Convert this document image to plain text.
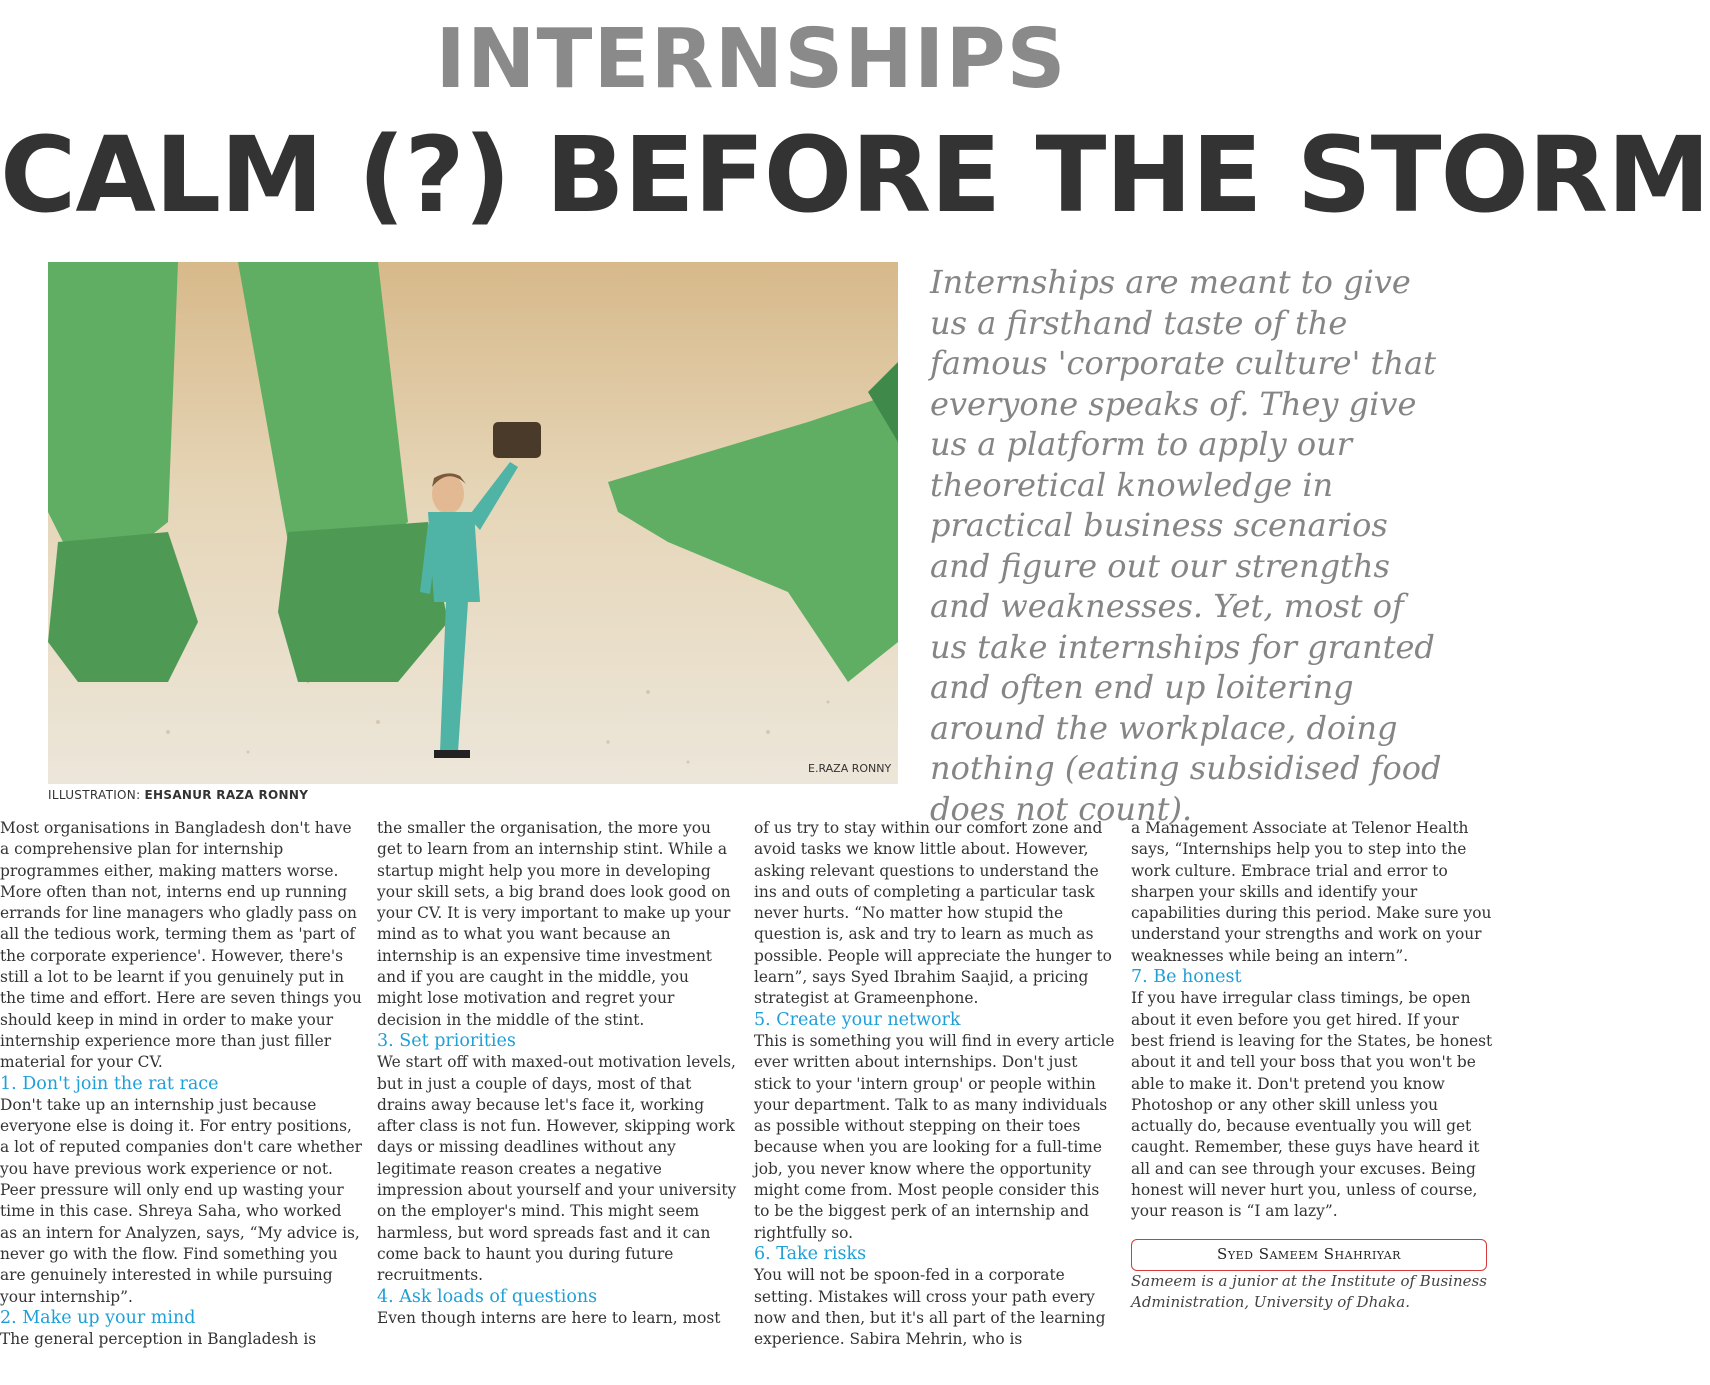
INTERNSHIPS
CALM (?) BEFORE THE STORM
E.RAZA RONNY
ILLUSTRATION: EHSANUR RAZA RONNY
Internships are meant to give us a firsthand taste of the famous 'corporate culture' that everyone speaks of. They give us a platform to apply our theoretical knowledge in practical business scenarios and figure out our strengths and weaknesses. Yet, most of us take internships for granted and often end up loitering around the workplace, doing nothing (eating subsidised food does not count).

Most organisations in Bangladesh don't have a comprehensive plan for internship programmes either, making matters worse. More often than not, interns end up running errands for line managers who gladly pass on all the tedious work, terming them as 'part of the corporate experience'. However, there's still a lot to be learnt if you genuinely put in the time and effort. Here are seven things you should keep in mind in order to make your internship experience more than just filler material for your CV.

1. Don't join the rat race

Don't take up an internship just because everyone else is doing it. For entry positions, a lot of reputed companies don't care whether you have previous work experience or not. Peer pressure will only end up wasting your time in this case. Shreya Saha, who worked as an intern for Analyzen, says, “My advice is, never go with the flow. Find something you are genuinely interested in while pursuing your internship”.

2. Make up your mind

The general perception in Bangladesh is

the smaller the organisation, the more you get to learn from an internship stint. While a startup might help you more in developing your skill sets, a big brand does look good on your CV. It is very important to make up your mind as to what you want because an internship is an expensive time investment and if you are caught in the middle, you might lose motivation and regret your decision in the middle of the stint.

3. Set priorities

We start off with maxed-out motivation levels, but in just a couple of days, most of that drains away because let's face it, working after class is not fun. However, skipping work days or missing deadlines without any legitimate reason creates a negative impression about yourself and your university on the employer's mind. This might seem harmless, but word spreads fast and it can come back to haunt you during future recruitments.

4. Ask loads of questions

Even though interns are here to learn, most

of us try to stay within our comfort zone and avoid tasks we know little about. However, asking relevant questions to understand the ins and outs of completing a particular task never hurts. “No matter how stupid the question is, ask and try to learn as much as possible. People will appreciate the hunger to learn”, says Syed Ibrahim Saajid, a pricing strategist at Grameenphone.

5. Create your network

This is something you will find in every article ever written about internships. Don't just stick to your 'intern group' or people within your department. Talk to as many individuals as possible without stepping on their toes because when you are looking for a full-time job, you never know where the opportunity might come from. Most people consider this to be the biggest perk of an internship and rightfully so.

6. Take risks

You will not be spoon-fed in a corporate setting. Mistakes will cross your path every now and then, but it's all part of the learning experience. Sabira Mehrin, who is

a Management Associate at Telenor Health says, “Internships help you to step into the work culture. Embrace trial and error to sharpen your skills and identify your capabilities during this period. Make sure you understand your strengths and work on your weaknesses while being an intern”.

7. Be honest

If you have irregular class timings, be open about it even before you get hired. If your best friend is leaving for the States, be honest about it and tell your boss that you won't be able to make it. Don't pretend you know Photoshop or any other skill unless you actually do, because eventually you will get caught. Remember, these guys have heard it all and can see through your excuses. Being honest will never hurt you, unless of course, your reason is “I am lazy”.

Syed Sameem Shahriyar

Sameem is a junior at the Institute of Business Administration, University of Dhaka.
